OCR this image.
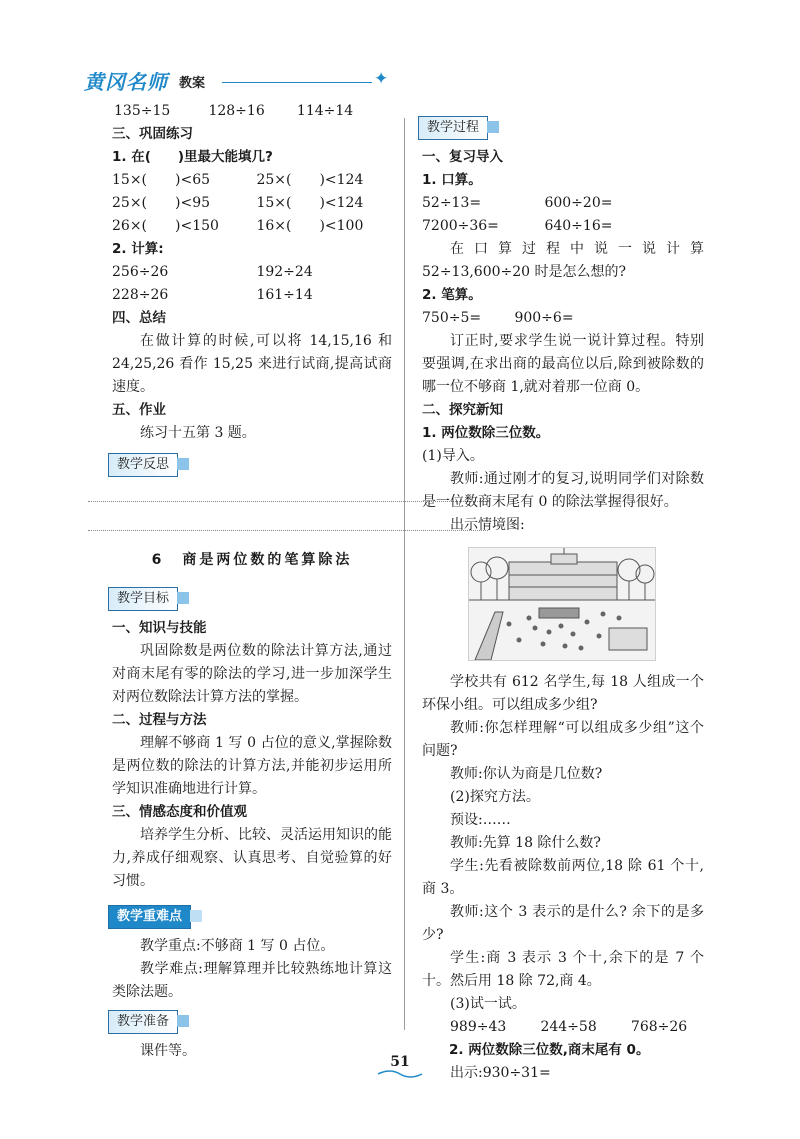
黄冈名师 教案	✦
135÷15	128÷16 114÷14
三、巩固练习
1. 在(　　)里最大能填几?
15×(　　)<65	25×(　　)<124
25×(　　)<95	15×(　　)<124
26×(　　)<150	16×(　　)<100
2. 计算:
256÷26	192÷24
228÷26	161÷14
四、总结
在做计算的时候,可以将 14,15,16 和 24,25,26 看作 15,25 来进行试商,提高试商速度。
五、作业
练习十五第 3 题。
教学反思
6 商是两位数的笔算除法
教学目标
一、知识与技能
巩固除数是两位数的除法计算方法,通过对商末尾有零的除法的学习,进一步加深学生对两位数除法计算方法的掌握。
二、过程与方法
理解不够商 1 写 0 占位的意义,掌握除数是两位数的除法的计算方法,并能初步运用所学知识准确地进行计算。
三、情感态度和价值观
培养学生分析、比较、灵活运用知识的能力,养成仔细观察、认真思考、自觉验算的好习惯。
教学重难点
教学重点:不够商 1 写 0 占位。
教学难点:理解算理并比较熟练地计算这类除法题。
教学准备
课件等。
教学过程
一、复习导入
1. 口算。
52÷13=	600÷20=
7200÷36=	640÷16=
在口算过程中说一说计算 52÷13,600÷20 时是怎么想的?
2. 笔算。
750÷5= 900÷6=
订正时,要求学生说一说计算过程。特别要强调,在求出商的最高位以后,除到被除数的哪一位不够商 1,就对着那一位商 0。
二、探究新知
1. 两位数除三位数。
(1)导入。
教师:通过刚才的复习,说明同学们对除数是一位数商末尾有 0 的除法掌握得很好。
出示情境图:
学校共有 612 名学生,每 18 人组成一个环保小组。可以组成多少组?
教师:你怎样理解“可以组成多少组”这个问题?
教师:你认为商是几位数?
(2)探究方法。
预设:……
教师:先算 18 除什么数?
学生:先看被除数前两位,18 除 61 个十,商 3。
教师:这个 3 表示的是什么? 余下的是多少?
学生:商 3 表示 3 个十,余下的是 7 个十。然后用 18 除 72,商 4。
(3)试一试。
989÷43 244÷58 768÷26
2. 两位数除三位数,商末尾有 0。
出示:930÷31=
51
